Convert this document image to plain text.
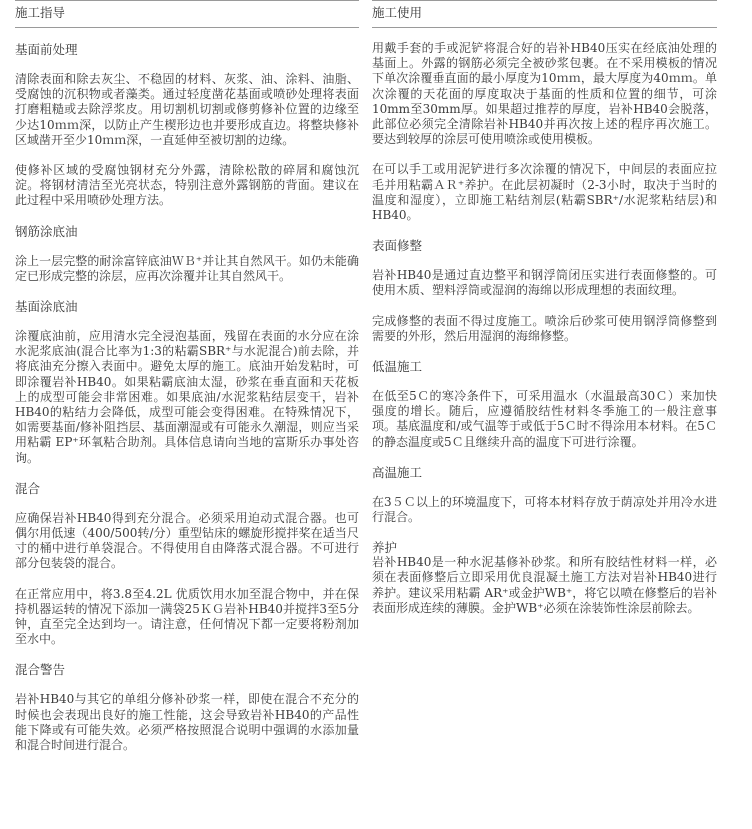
施工指导
基面前处理

清除表面和除去灰尘、不稳固的材料、灰浆、油、涂料、油脂、受腐蚀的沉积物或者藻类。通过轻度凿花基面或喷砂处理将表面打磨粗糙或去除浮浆皮。用切割机切割或修剪修补位置的边缘至少达10ｍｍ深，以防止产生楔形边也并要形成直边。将整块修补区域凿开至少10ｍｍ深，一直延伸至被切割的边缘。

使修补区域的受腐蚀钢材充分外露，清除松散的碎屑和腐蚀沉淀。将钢材清洁至光亮状态，特别注意外露钢筋的背面。建议在此过程中采用喷砂处理方法。

钢筋涂底油

涂上一层完整的耐涂富锌底油ＷＢ⁺并让其自然风干。如仍未能确定已形成完整的涂层，应再次涂覆并让其自然风干。

基面涂底油

涂覆底油前，应用清水完全浸泡基面，残留在表面的水分应在涂水泥浆底油(混合比率为1:3的粘霸SBR⁺与水泥混合)前去除，并将底油充分擦入表面中。避免太厚的施工。底油开始发粘时，可即涂覆岩补HB40。如果粘霸底油太湿，砂浆在垂直面和天花板上的成型可能会非常困难。如果底油/水泥浆粘结层变干，岩补HB40的粘结力会降低，成型可能会变得困难。在特殊情况下，如需要基面/修补阻挡层、基面潮湿或有可能永久潮湿，则应当采用粘霸 EP⁺环氧粘合助剂。具体信息请向当地的富斯乐办事处咨询。

混合

应确保岩补HB40得到充分混合。必须采用迫动式混合器。也可偶尔用低速（400/500转/分）重型钻床的螺旋形搅拌桨在适当尺寸的桶中进行单袋混合。不得使用自由降落式混合器。不可进行部分包装袋的混合。

在正常应用中，将3.8至4.2L 优质饮用水加至混合物中，并在保持机器运转的情况下添加一满袋25ＫＧ岩补HB40并搅拌3至5分钟，直至完全达到均一。请注意，任何情况下都一定要将粉剂加至水中。

混合警告

岩补HB40与其它的单组分修补砂浆一样，即使在混合不充分的时候也会表现出良好的施工性能，这会导致岩补HB40的产品性能下降或有可能失效。必须严格按照混合说明中强调的水添加量和混合时间进行混合。

施工使用

用戴手套的手或泥铲将混合好的岩补HB40压实在经底油处理的基面上。外露的钢筋必须完全被砂浆包裹。在不采用模板的情况下单次涂覆垂直面的最小厚度为10ｍｍ，最大厚度为40ｍｍ。单次涂覆的天花面的厚度取决于基面的性质和位置的细节，可涂10mm至30mm厚。如果超过推荐的厚度，岩补HB40会脱落，此部位必须完全清除岩补HB40并再次按上述的程序再次施工。要达到较厚的涂层可使用喷涂或使用模板。

在可以手工或用泥铲进行多次涂覆的情况下，中间层的表面应拉毛并用粘霸ＡＲ⁺养护。在此层初凝时（2-3小时，取决于当时的温度和湿度），立即施工粘结剂层(粘霸SBR⁺/水泥浆粘结层)和HB40。

表面修整

岩补HB40是通过直边整平和钢浮筒闭压实进行表面修整的。可使用木质、塑料浮筒或湿润的海绵以形成理想的表面纹理。

完成修整的表面不得过度施工。喷涂后砂浆可使用钢浮筒修整到需要的外形，然后用湿润的海绵修整。

低温施工

在低至5Ｃ的寒冷条件下，可采用温水（水温最高30Ｃ）来加快强度的增长。随后，应遵循胶结性材料冬季施工的一般注意事项。基底温度和/或气温等于或低于5Ｃ时不得涂用本材料。在5Ｃ的静态温度或5Ｃ且继续升高的温度下可进行涂覆。

高温施工

在3５Ｃ以上的环境温度下，可将本材料存放于荫凉处并用冷水进行混合。

养护

岩补HB40是一种水泥基修补砂浆。和所有胶结性材料一样，必须在表面修整后立即采用优良混凝土施工方法对岩补HB40进行养护。建议采用粘霸 AR⁺或金护WB⁺，将它以喷在修整后的岩补表面形成连续的薄膜。金护WB⁺必须在涂装饰性涂层前除去。
